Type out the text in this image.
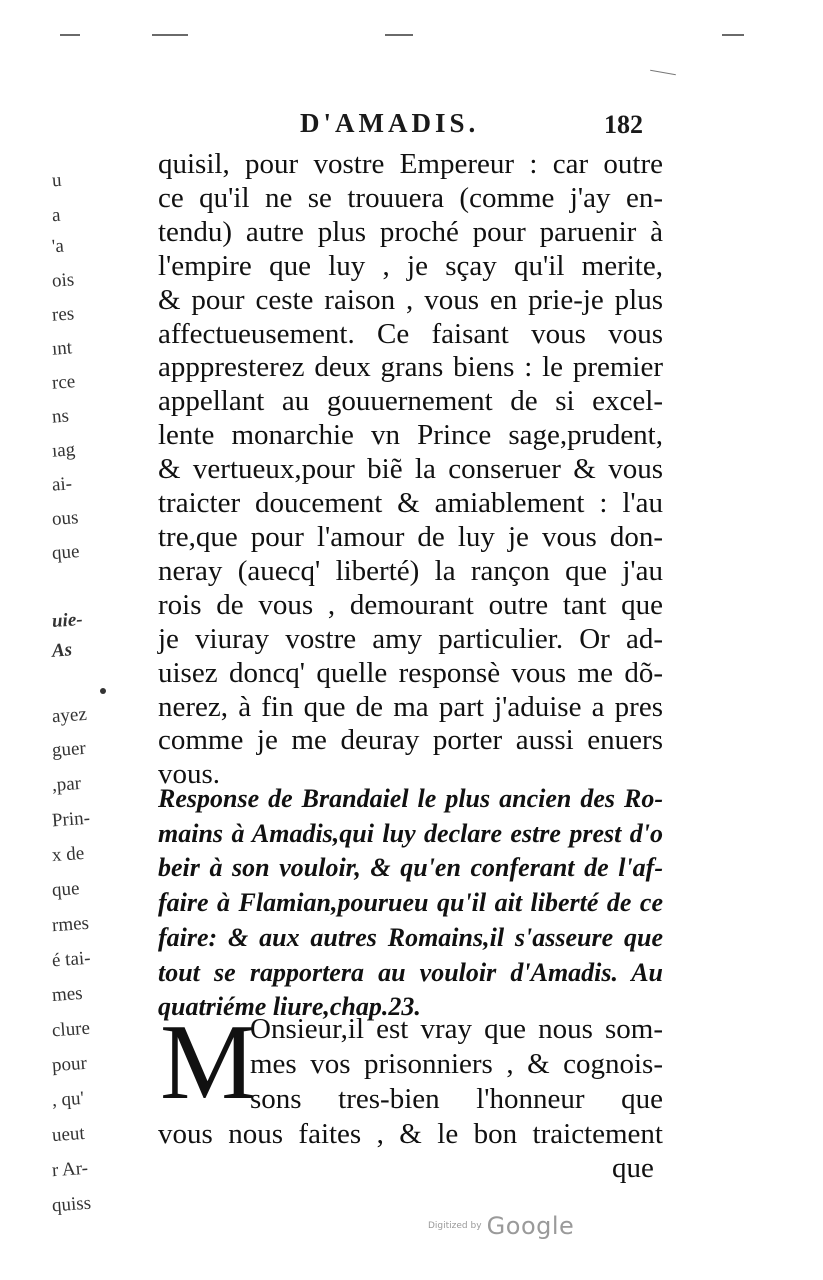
D'AMADIS.	182
u
a
'a
ois
res
ınt
rce
ns
ıag
ai-
ous
que
uie-
As
ayez
guer
,par
Prin-
x de
que
rmes
é tai-
mes
clure
pour
, qu'
ueut
r Ar-
quiss
quisil, pour vostre Empereur : car outre
ce qu'il ne se trouuera (comme j'ay en-
tendu) autre plus proché pour paruenir à
l'empire que luy , je sçay qu'il merite,
& pour ceste raison , vous en prie-je plus
affectueusement. Ce faisant vous vous
apppresterez deux grans biens : le premier
appellant au gouuernement de si excel-
lente monarchie vn Prince sage,prudent,
& vertueux,pour biẽ la conseruer & vous
traicter doucement & amiablement : l'au
tre,que pour l'amour de luy je vous don-
neray (auecq' liberté) la rançon que j'au
rois de vous , demourant outre tant que
je viuray vostre amy particulier. Or ad-
uisez doncq' quelle responsè vous me dõ-
nerez, à fin que de ma part j'aduise a pres
comme je me deuray porter aussi enuers
vous.
Response de Brandaiel le plus ancien des Ro-
mains à Amadis,qui luy declare estre prest d'o
beir à son vouloir, & qu'en conferant de l'af-
faire à Flamian,pourueu qu'il ait liberté de ce
faire: & aux autres Romains,il s'asseure que
tout se rapportera au vouloir d'Amadis. Au
quatriéme liure,chap.23.
M
Onsieur,il est vray que nous som-
mes vos prisonniers , & cognois-
sons tres-bien l'honneur que
vous nous faites , & le bon traictement
que
Digitized by Google
